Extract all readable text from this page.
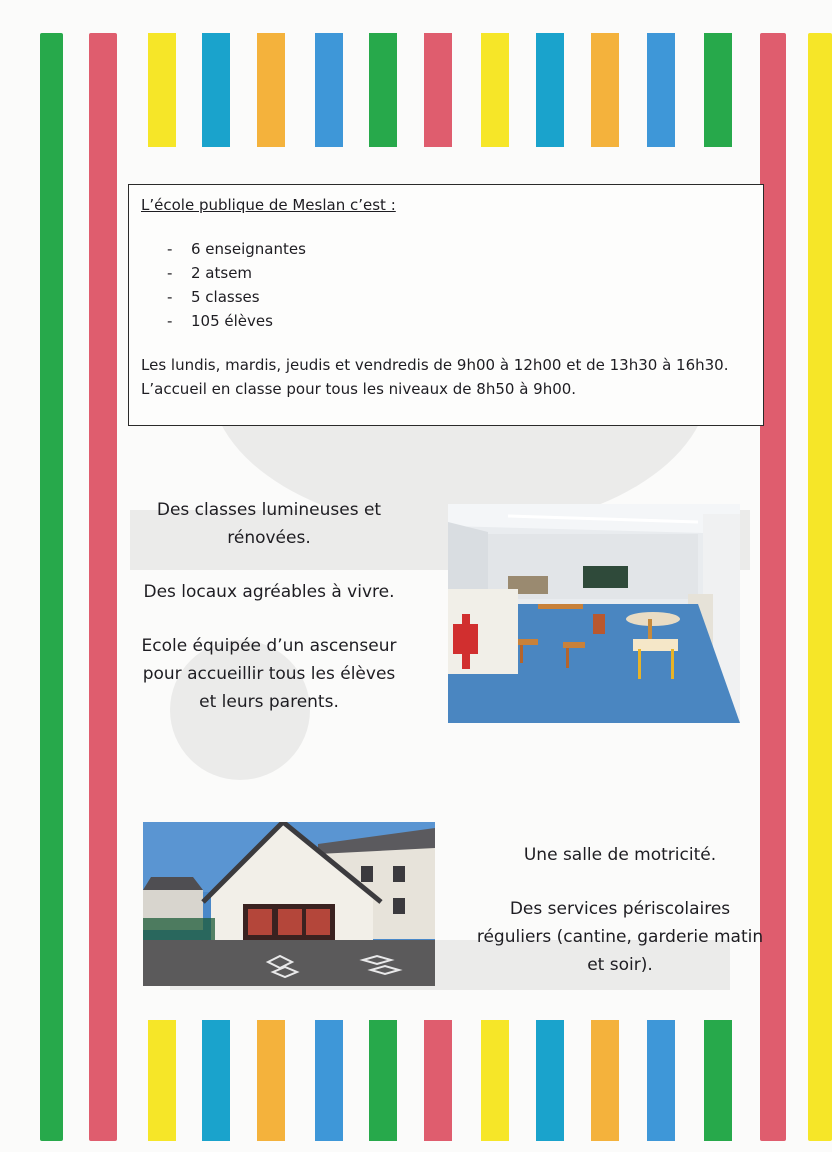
L’école publique de Meslan c’est :

- 6 enseignantes
- 2 atsem
- 5 classes
- 105 élèves

Les lundis, mardis, jeudis et vendredis de 9h00 à 12h00 et de 13h30 à 16h30.

L’accueil en classe pour tous les niveaux de 8h50 à 9h00.

Des classes lumineuses et rénovées.

Des locaux agréables à vivre.

Ecole équipée d’un ascenseur pour accueillir tous les élèves et leurs parents.

Une salle de motricité.

Des services périscolaires réguliers (cantine, garderie matin et soir).
